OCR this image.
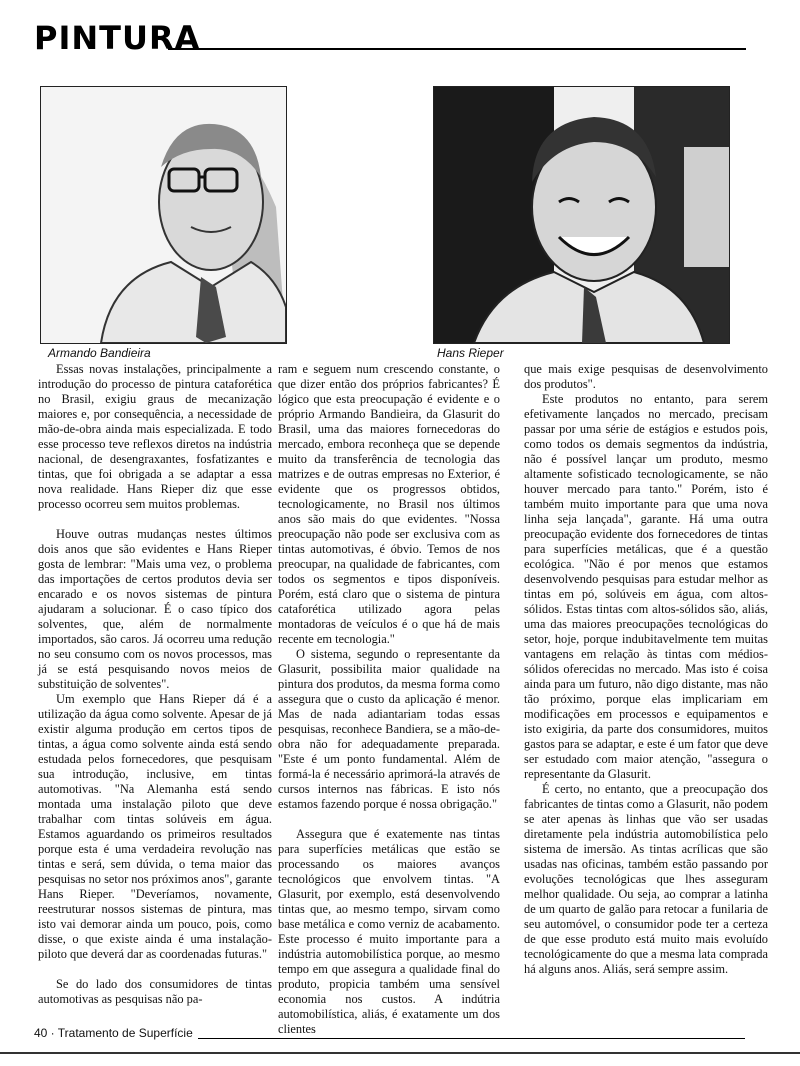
PINTURA
Armando Bandieira	Hans Rieper

Essas novas instalações, principalmente a introdução do processo de pintura cataforética no Brasil, exigiu graus de mecanização maiores e, por consequência, a necessidade de mão-de-obra ainda mais especializada. E todo esse processo teve reflexos diretos na indústria nacional, de desengraxantes, fosfatizantes e tintas, que foi obrigada a se adaptar a essa nova realidade. Hans Rieper diz que esse processo ocorreu sem muitos problemas.

Houve outras mudanças nestes últimos dois anos que são evidentes e Hans Rieper gosta de lembrar: "Mais uma vez, o problema das importações de certos produtos devia ser encarado e os novos sistemas de pintura ajudaram a solucionar. É o caso típico dos solventes, que, além de normalmente importados, são caros. Já ocorreu uma redução no seu consumo com os novos processos, mas já se está pesquisando novos meios de substituição de solventes".

Um exemplo que Hans Rieper dá é a utilização da água como solvente. Apesar de já existir alguma produção em certos tipos de tintas, a água como solvente ainda está sendo estudada pelos fornecedores, que pesquisam sua introdução, inclusive, em tintas automotivas. "Na Alemanha está sendo montada uma instalação piloto que deve trabalhar com tintas solúveis em água. Estamos aguardando os primeiros resultados porque esta é uma verdadeira revolução nas tintas e será, sem dúvida, o tema maior das pesquisas no setor nos próximos anos", garante Hans Rieper. "Deveríamos, novamente, reestruturar nossos sistemas de pintura, mas isto vai demorar ainda um pouco, pois, como disse, o que existe ainda é uma instalação-piloto que deverá dar as coordenadas futuras."

Se do lado dos consumidores de tintas automotivas as pesquisas não pa-

ram e seguem num crescendo constante, o que dizer então dos próprios fabricantes? É lógico que esta preocupação é evidente e o próprio Armando Bandieira, da Glasurit do Brasil, uma das maiores fornecedoras do mercado, embora reconheça que se depende muito da transferência de tecnologia das matrizes e de outras empresas no Exterior, é evidente que os progressos obtidos, tecnologicamente, no Brasil nos últimos anos são mais do que evidentes. "Nossa preocupação não pode ser exclusiva com as tintas automotivas, é óbvio. Temos de nos preocupar, na qualidade de fabricantes, com todos os segmentos e tipos disponíveis. Porém, está claro que o sistema de pintura cataforética utilizado agora pelas montadoras de veículos é o que há de mais recente em tecnologia."

O sistema, segundo o representante da Glasurit, possibilita maior qualidade na pintura dos produtos, da mesma forma como assegura que o custo da aplicação é menor. Mas de nada adiantariam todas essas pesquisas, reconhece Bandiera, se a mão-de-obra não for adequadamente preparada. "Este é um ponto fundamental. Além de formá-la é necessário aprimorá-la através de cursos internos nas fábricas. E isto nós estamos fazendo porque é nossa obrigação."

Assegura que é exatemente nas tintas para superfícies metálicas que estão se processando os maiores avanços tecnológicos que envolvem tintas. "A Glasurit, por exemplo, está desenvolvendo tintas que, ao mesmo tempo, sirvam como base metálica e como verniz de acabamento. Este processo é muito importante para a indústria automobilística porque, ao mesmo tempo em que assegura a qualidade final do produto, propicia também uma sensível economia nos custos. A indútria automobilística, aliás, é exatamente um dos clientes

que mais exige pesquisas de desenvolvimento dos produtos".

Este produtos no entanto, para serem efetivamente lançados no mercado, precisam passar por uma série de estágios e estudos pois, como todos os demais segmentos da indústria, não é possível lançar um produto, mesmo altamente sofisticado tecnologicamente, se não houver mercado para tanto." Porém, isto é também muito importante para que uma nova linha seja lançada", garante. Há uma outra preocupação evidente dos fornecedores de tintas para superfícies metálicas, que é a questão ecológica. "Não é por menos que estamos desenvolvendo pesquisas para estudar melhor as tintas em pó, solúveis em água, com altos-sólidos. Estas tintas com altos-sólidos são, aliás, uma das maiores preocupações tecnológicas do setor, hoje, porque indubitavelmente tem muitas vantagens em relação às tintas com médios-sólidos oferecidas no mercado. Mas isto é coisa ainda para um futuro, não digo distante, mas não tão próximo, porque elas implicariam em modificações em processos e equipamentos e isto exigiria, da parte dos consumidores, muitos gastos para se adaptar, e este é um fator que deve ser estudado com maior atenção, "assegura o representante da Glasurit.

É certo, no entanto, que a preocupação dos fabricantes de tintas como a Glasurit, não podem se ater apenas às linhas que vão ser usadas diretamente pela indústria automobilística pelo sistema de imersão. As tintas acrílicas que são usadas nas oficinas, também estão passando por evoluções tecnológicas que lhes asseguram melhor qualidade. Ou seja, ao comprar a latinha de um quarto de galão para retocar a funilaria de seu automóvel, o consumidor pode ter a certeza de que esse produto está muito mais evoluído tecnológicamente do que a mesma lata comprada há alguns anos. Aliás, será sempre assim.

40 · Tratamento de Superfície
